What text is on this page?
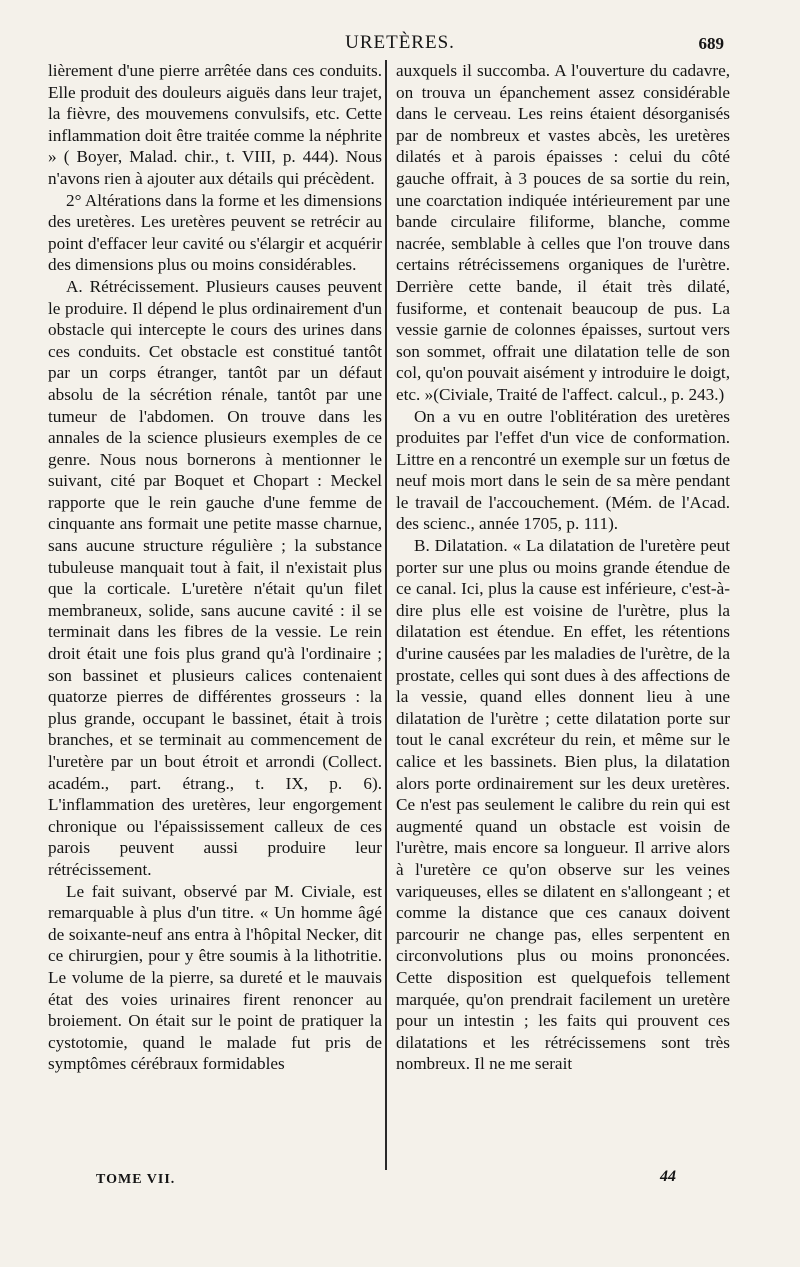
URETÈRES.	689

lièrement d'une pierre arrêtée dans ces conduits. Elle produit des douleurs aiguës dans leur trajet, la fièvre, des mouvemens convulsifs, etc. Cette inflammation doit être traitée comme la néphrite » ( Boyer, Malad. chir., t. VIII, p. 444). Nous n'avons rien à ajouter aux détails qui précèdent.

2° Altérations dans la forme et les dimensions des uretères. Les uretères peuvent se retrécir au point d'effacer leur cavité ou s'élargir et acquérir des dimensions plus ou moins considérables.

A. Rétrécissement. Plusieurs causes peuvent le produire. Il dépend le plus ordinairement d'un obstacle qui intercepte le cours des urines dans ces conduits. Cet obstacle est constitué tantôt par un corps étranger, tantôt par un défaut absolu de la sécrétion rénale, tantôt par une tumeur de l'abdomen. On trouve dans les annales de la science plusieurs exemples de ce genre. Nous nous bornerons à mentionner le suivant, cité par Boquet et Chopart : Meckel rapporte que le rein gauche d'une femme de cinquante ans formait une petite masse charnue, sans aucune structure régulière ; la substance tubuleuse manquait tout à fait, il n'existait plus que la corticale. L'uretère n'était qu'un filet membraneux, solide, sans aucune cavité : il se terminait dans les fibres de la vessie. Le rein droit était une fois plus grand qu'à l'ordinaire ; son bassinet et plusieurs calices contenaient quatorze pierres de différentes grosseurs : la plus grande, occupant le bassinet, était à trois branches, et se terminait au commencement de l'uretère par un bout étroit et arrondi (Collect. académ., part. étrang., t. IX, p. 6). L'inflammation des uretères, leur engorgement chronique ou l'épaississement calleux de ces parois peuvent aussi produire leur rétrécissement.

Le fait suivant, observé par M. Civiale, est remarquable à plus d'un titre. « Un homme âgé de soixante-neuf ans entra à l'hôpital Necker, dit ce chirurgien, pour y être soumis à la lithotritie. Le volume de la pierre, sa dureté et le mauvais état des voies urinaires firent renoncer au broiement. On était sur le point de pratiquer la cystotomie, quand le malade fut pris de symptômes cérébraux formidables

auxquels il succomba. A l'ouverture du cadavre, on trouva un épanchement assez considérable dans le cerveau. Les reins étaient désorganisés par de nombreux et vastes abcès, les uretères dilatés et à parois épaisses : celui du côté gauche offrait, à 3 pouces de sa sortie du rein, une coarctation indiquée intérieurement par une bande circulaire filiforme, blanche, comme nacrée, semblable à celles que l'on trouve dans certains rétrécissemens organiques de l'urètre. Derrière cette bande, il était très dilaté, fusiforme, et contenait beaucoup de pus. La vessie garnie de colonnes épaisses, surtout vers son sommet, offrait une dilatation telle de son col, qu'on pouvait aisément y introduire le doigt, etc. »(Civiale, Traité de l'affect. calcul., p. 243.)

On a vu en outre l'oblitération des uretères produites par l'effet d'un vice de conformation. Littre en a rencontré un exemple sur un fœtus de neuf mois mort dans le sein de sa mère pendant le travail de l'accouchement. (Mém. de l'Acad. des scienc., année 1705, p. 111).

B. Dilatation. « La dilatation de l'uretère peut porter sur une plus ou moins grande étendue de ce canal. Ici, plus la cause est inférieure, c'est-à-dire plus elle est voisine de l'urètre, plus la dilatation est étendue. En effet, les rétentions d'urine causées par les maladies de l'urètre, de la prostate, celles qui sont dues à des affections de la vessie, quand elles donnent lieu à une dilatation de l'urètre ; cette dilatation porte sur tout le canal excréteur du rein, et même sur le calice et les bassinets. Bien plus, la dilatation alors porte ordinairement sur les deux uretères. Ce n'est pas seulement le calibre du rein qui est augmenté quand un obstacle est voisin de l'urètre, mais encore sa longueur. Il arrive alors à l'uretère ce qu'on observe sur les veines variqueuses, elles se dilatent en s'allongeant ; et comme la distance que ces canaux doivent parcourir ne change pas, elles serpentent en circonvolutions plus ou moins prononcées. Cette disposition est quelquefois tellement marquée, qu'on prendrait facilement un uretère pour un intestin ; les faits qui prouvent ces dilatations et les rétrécissemens sont très nombreux. Il ne me serait

TOME VII.	44
